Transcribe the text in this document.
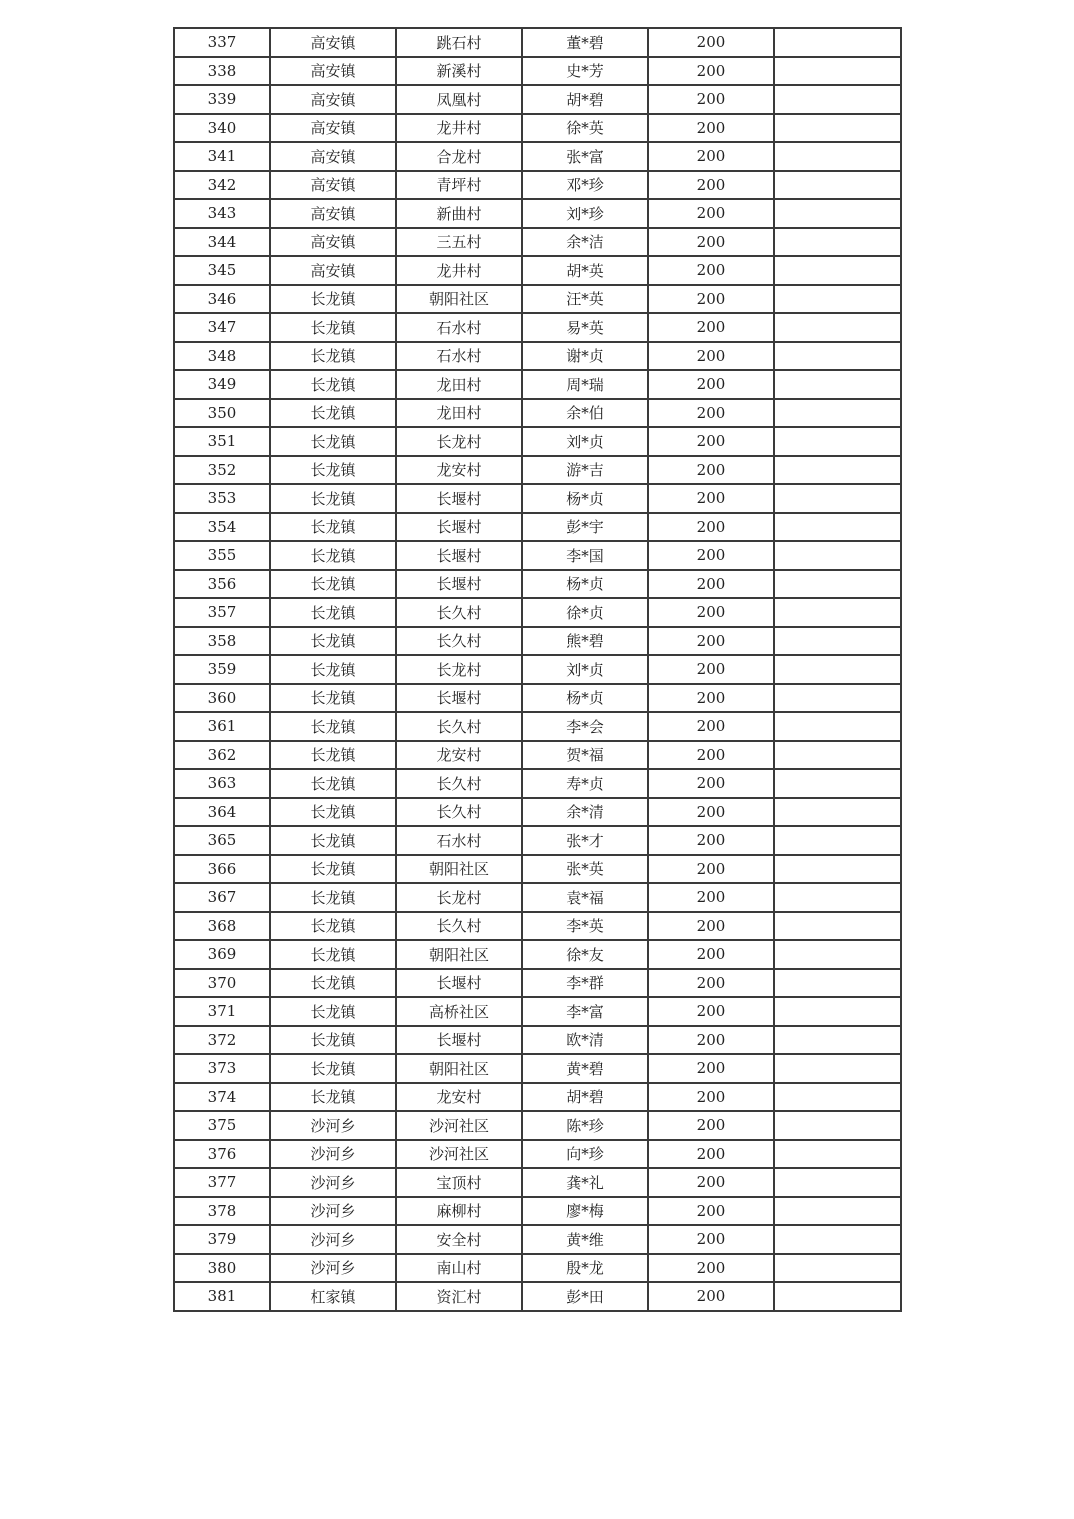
337	高安镇	跳石村	董*碧	200	
338	高安镇	新溪村	史*芳	200	
339	高安镇	凤凰村	胡*碧	200	
340	高安镇	龙井村	徐*英	200	
341	高安镇	合龙村	张*富	200	
342	高安镇	青坪村	邓*珍	200	
343	高安镇	新曲村	刘*珍	200	
344	高安镇	三五村	余*洁	200	
345	高安镇	龙井村	胡*英	200	
346	长龙镇	朝阳社区	汪*英	200	
347	长龙镇	石水村	易*英	200	
348	长龙镇	石水村	谢*贞	200	
349	长龙镇	龙田村	周*瑞	200	
350	长龙镇	龙田村	余*伯	200	
351	长龙镇	长龙村	刘*贞	200	
352	长龙镇	龙安村	游*吉	200	
353	长龙镇	长堰村	杨*贞	200	
354	长龙镇	长堰村	彭*宇	200	
355	长龙镇	长堰村	李*国	200	
356	长龙镇	长堰村	杨*贞	200	
357	长龙镇	长久村	徐*贞	200	
358	长龙镇	长久村	熊*碧	200	
359	长龙镇	长龙村	刘*贞	200	
360	长龙镇	长堰村	杨*贞	200	
361	长龙镇	长久村	李*会	200	
362	长龙镇	龙安村	贺*福	200	
363	长龙镇	长久村	寿*贞	200	
364	长龙镇	长久村	余*清	200	
365	长龙镇	石水村	张*才	200	
366	长龙镇	朝阳社区	张*英	200	
367	长龙镇	长龙村	袁*福	200	
368	长龙镇	长久村	李*英	200	
369	长龙镇	朝阳社区	徐*友	200	
370	长龙镇	长堰村	李*群	200	
371	长龙镇	高桥社区	李*富	200	
372	长龙镇	长堰村	欧*清	200	
373	长龙镇	朝阳社区	黄*碧	200	
374	长龙镇	龙安村	胡*碧	200	
375	沙河乡	沙河社区	陈*珍	200	
376	沙河乡	沙河社区	向*珍	200	
377	沙河乡	宝顶村	龚*礼	200	
378	沙河乡	麻柳村	廖*梅	200	
379	沙河乡	安全村	黄*维	200	
380	沙河乡	南山村	殷*龙	200	
381	杠家镇	资汇村	彭*田	200	
